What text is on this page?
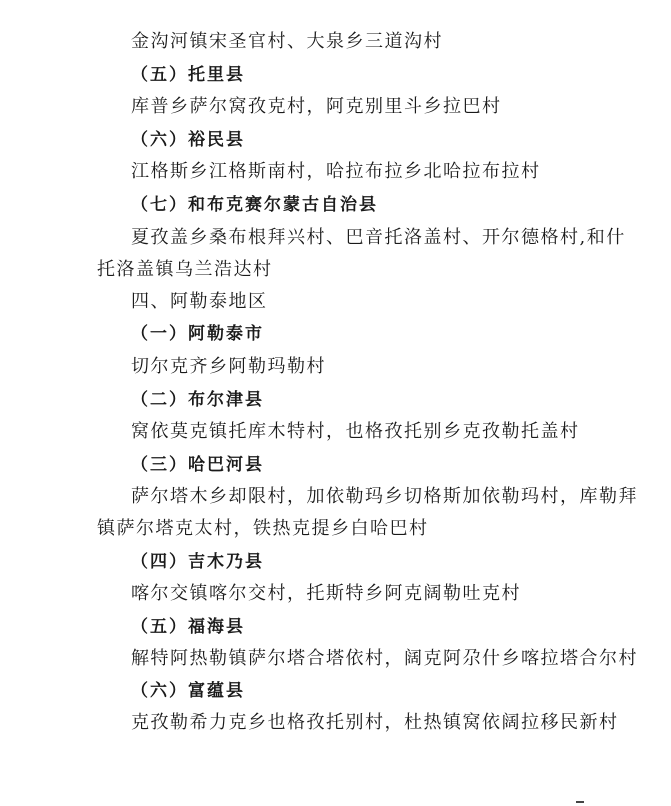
金沟河镇宋圣官村、大泉乡三道沟村
（五）托里县
库普乡萨尔窝孜克村，阿克别里斗乡拉巴村
（六）裕民县
江格斯乡江格斯南村，哈拉布拉乡北哈拉布拉村
（七）和布克赛尔蒙古自治县
夏孜盖乡桑布根拜兴村、巴音托洛盖村、开尔德格村,和什
托洛盖镇乌兰浩达村
四、阿勒泰地区
（一）阿勒泰市
切尔克齐乡阿勒玛勒村
（二）布尔津县
窝依莫克镇托库木特村，也格孜托别乡克孜勒托盖村
（三）哈巴河县
萨尔塔木乡却限村，加依勒玛乡切格斯加依勒玛村，库勒拜
镇萨尔塔克太村，铁热克提乡白哈巴村
（四）吉木乃县
喀尔交镇喀尔交村，托斯特乡阿克阔勒吐克村
（五）福海县
解特阿热勒镇萨尔塔合塔依村，阔克阿尕什乡喀拉塔合尔村
（六）富蕴县
克孜勒希力克乡也格孜托别村，杜热镇窝依阔拉移民新村
